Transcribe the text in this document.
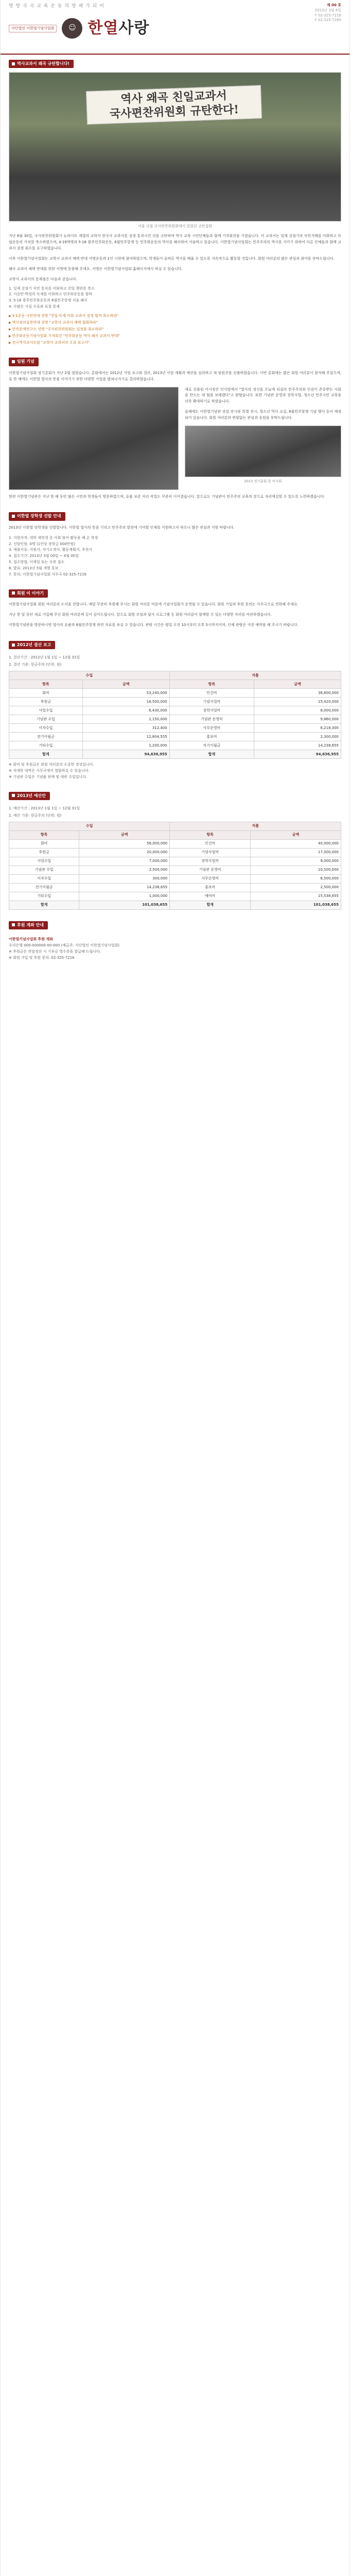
방 방 곡 곡 교 육 운 동 의 방 패 가 되 어	제 00 호
2013년 3월 6일
T 02-325-7216
F 02-325-7265
사단법인 이한열기념사업회	☺ 한열사랑
역사교과서 왜곡 규탄합니다!
역사 왜곡 친일교과서
국사편찬위원회 규탄한다!
서울 국립 국사편찬위원회에서 있었던 규탄집회

지난 8월 30일, 국사편찬위원회가 뉴라이트 계열의 교학사 한국사 교과서를 검정 통과시킨 것을 규탄하며 역사 교육 시민단체들과 함께 기자회견을 가졌습니다. 이 교과서는 일제 강점기의 식민지배를 미화하고 독립운동의 가치를 축소하였으며, 4·19혁명과 5·18 광주민주화운동, 6월민주항쟁 등 민주화운동의 역사를 왜곡하여 서술하고 있습니다. 이한열기념사업회는 민주주의의 역사를 지키기 위하여 다른 단체들과 함께 교과서 검정 취소를 요구하였습니다.

이후 이한열기념사업회는 교학사 교과서 채택 반대 서명운동과 1인 시위에 참여하였으며, 학생들이 올바른 역사를 배울 수 있도록 지속적으로 활동할 것입니다. 회원 여러분의 많은 관심과 참여를 부탁드립니다.

왜곡 교과서 채택 반대를 위한 서명에 동참해 주세요. 서명은 이한열기념사업회 홈페이지에서 하실 수 있습니다.

교학사 교과서의 문제점은 다음과 같습니다.

1. 일제 강점기 식민 통치를 미화하고 친일 행위를 축소
2. 이승만·박정희 독재를 미화하고 민주화운동을 폄하
3. 5·18 광주민주화운동과 6월민주항쟁 서술 왜곡
4. 수많은 사실 오류와 표절 문제
▶ 3·1운동 시민연대 성명 "친일·독재 미화 교과서 검정 합격 취소하라"
▶ 역사정의실천연대 성명 "교학사 교과서 채택 철회하라"
▶ 민족문제연구소 성명 "국사편찬위원회는 검정을 취소하라"
▶ 민주화운동기념사업회 기자회견 "민주화운동 역사 왜곡 교과서 반대"
▶ 전국역사교사모임 "교학사 교과서의 오류 보고서"
임원 기념

이한열기념사업회 정기총회가 지난 2월 열렸습니다. 총회에서는 2012년 사업 보고와 결산, 2013년 사업 계획과 예산을 심의하고 새 임원진을 선출하였습니다. 이번 총회에는 많은 회원 여러분이 참석해 주셨으며, 올 한 해에도 이한열 열사의 뜻을 이어가기 위한 다양한 사업을 펼쳐나가기로 결의하였습니다.

새로 선출된 이사장은 인사말에서 "열사의 정신을 오늘에 되살려 민주주의와 인권이 존중받는 사회를 만드는 데 힘을 보태겠다"고 밝혔습니다. 또한 기념관 운영과 장학사업, 청소년 민주시민 교육을 더욱 확대하기로 하였습니다.

올해에도 이한열기념관 상설 전시와 특별 전시, 청소년 역사 교실, 6월민주항쟁 기념 행사 등이 예정되어 있습니다. 회원 여러분의 변함없는 관심과 응원을 부탁드립니다.

2013 정기총회 및 이사회

한편 이한열기념관은 지난 한 해 동안 많은 시민과 학생들이 방문하였으며, 유품 보존 처리 작업도 꾸준히 이어졌습니다. 앞으로도 기념관이 민주주의 교육의 장으로 자리매김할 수 있도록 노력하겠습니다.

이한열 장학생 선발 안내

2013년 이한열 장학생을 선발합니다. 이한열 열사의 뜻을 기리고 민주주의 발전에 기여할 인재를 지원하고자 하오니 많은 관심과 지원 바랍니다.

1. 지원자격: 대학 재학생 중 사회 참여 활동을 해 온 학생
2. 선발인원: 0명 (1인당 장학금 000만원)
3. 제출서류: 지원서, 자기소개서, 활동계획서, 추천서
4. 접수기간: 2013년 3월 00일 ~ 4월 00일
5. 접수방법: 이메일 또는 우편 접수
6. 발표: 2013년 5월 개별 통보
7. 문의: 이한열기념사업회 사무국 02-325-7216
회원 이 이야기

이한열기념사업회 회원 여러분의 소식을 전합니다. 매달 꾸준히 후원해 주시는 회원 여러분 덕분에 기념사업회가 운영될 수 있습니다. 회원 가입과 후원 문의는 사무국으로 연락해 주세요.

지난 한 달 동안 새로 가입해 주신 회원 여러분께 깊이 감사드립니다. 앞으로 회원 모임과 답사 프로그램 등 회원 여러분이 함께할 수 있는 다양한 자리를 마련하겠습니다.

이한열기념관을 방문하시면 열사의 유품과 6월민주항쟁 관련 자료를 보실 수 있습니다. 관람 시간은 평일 오전 10시부터 오후 5시까지이며, 단체 관람은 사전 예약을 해 주시기 바랍니다.

2012년 결산 보고
1. 결산기간 : 2012년 1월 1일 ~ 12월 31일
2. 결산 기준: 현금주의 (단위: 원)
수입		지출	
항목	금액	항목	금액
회비	53,240,000	인건비	38,600,000
후원금	18,500,000	기념사업비	15,420,000
사업수입	6,430,000	장학사업비	8,000,000
기념관 수입	2,150,000	기념관 운영비	9,860,000
이자수입	312,400	사무운영비	6,218,300
전기이월금	12,804,555	홍보비	2,300,000
기타수입	1,200,000	차기이월금	14,238,655
합계	94,636,955	합계	94,636,955
※ 회비 및 후원금은 회원 여러분의 소중한 정성입니다.
※ 자세한 내역은 사무국에서 열람하실 수 있습니다.
※ 기념관 수입은 기념품 판매 및 대관 수입입니다.
2013년 예산안
1. 예산기간 : 2013년 1월 1일 ~ 12월 31일
2. 예산 기준: 현금주의 (단위: 원)
수입		지출	
항목	금액	항목	금액
회비	56,000,000	인건비	40,000,000
후원금	20,000,000	기념사업비	17,000,000
사업수입	7,000,000	장학사업비	9,000,000
기념관 수입	2,500,000	기념관 운영비	10,500,000
이자수입	300,000	사무운영비	6,500,000
전기이월금	14,238,655	홍보비	2,500,000
기타수입	1,000,000	예비비	15,538,655
합계	101,038,655	합계	101,038,655
후원 계좌 안내
이한열기념사업회 후원 계좌
우리은행 000-000000-00-000 (예금주: 사단법인 이한열기념사업회)
※ 후원금은 연말정산 시 기부금 영수증을 발급해 드립니다.
※ 회원 가입 및 후원 문의: 02-325-7216
